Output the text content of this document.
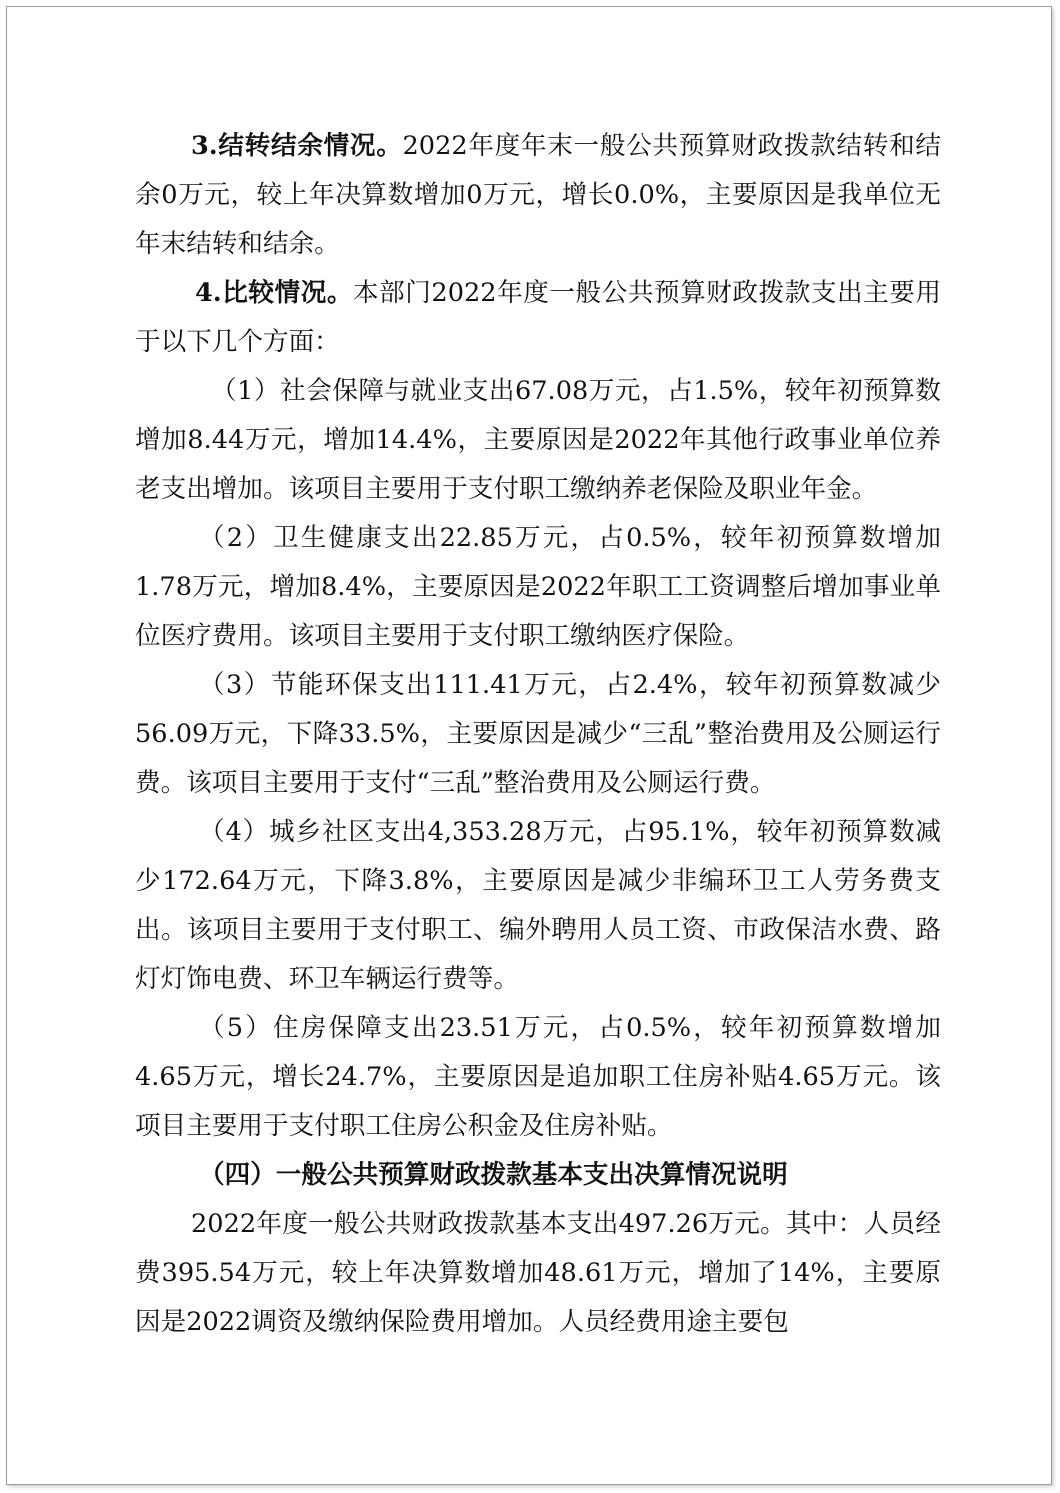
3.结转结余情况。2022年度年末一般公共预算财政拨款结转和结余0万元，较上年决算数增加0万元，增长0.0%，主要原因是我单位无年末结转和结余。

4.比较情况。本部门2022年度一般公共预算财政拨款支出主要用于以下几个方面：

（1）社会保障与就业支出67.08万元，占1.5%，较年初预算数增加8.44万元，增加14.4%，主要原因是2022年其他行政事业单位养老支出增加。该项目主要用于支付职工缴纳养老保险及职业年金。

（2）卫生健康支出22.85万元，占0.5%，较年初预算数增加1.78万元，增加8.4%，主要原因是2022年职工工资调整后增加事业单位医疗费用。该项目主要用于支付职工缴纳医疗保险。

（3）节能环保支出111.41万元，占2.4%，较年初预算数减少56.09万元，下降33.5%，主要原因是减少“三乱”整治费用及公厕运行费。该项目主要用于支付“三乱”整治费用及公厕运行费。

（4）城乡社区支出4,353.28万元，占95.1%，较年初预算数减少172.64万元，下降3.8%，主要原因是减少非编环卫工人劳务费支出。该项目主要用于支付职工、编外聘用人员工资、市政保洁水费、路灯灯饰电费、环卫车辆运行费等。

（5）住房保障支出23.51万元，占0.5%，较年初预算数增加4.65万元，增长24.7%，主要原因是追加职工住房补贴4.65万元。该项目主要用于支付职工住房公积金及住房补贴。

（四）一般公共预算财政拨款基本支出决算情况说明

2022年度一般公共财政拨款基本支出497.26万元。其中：人员经费395.54万元，较上年决算数增加48.61万元，增加了14%，主要原因是2022调资及缴纳保险费用增加。人员经费用途主要包
